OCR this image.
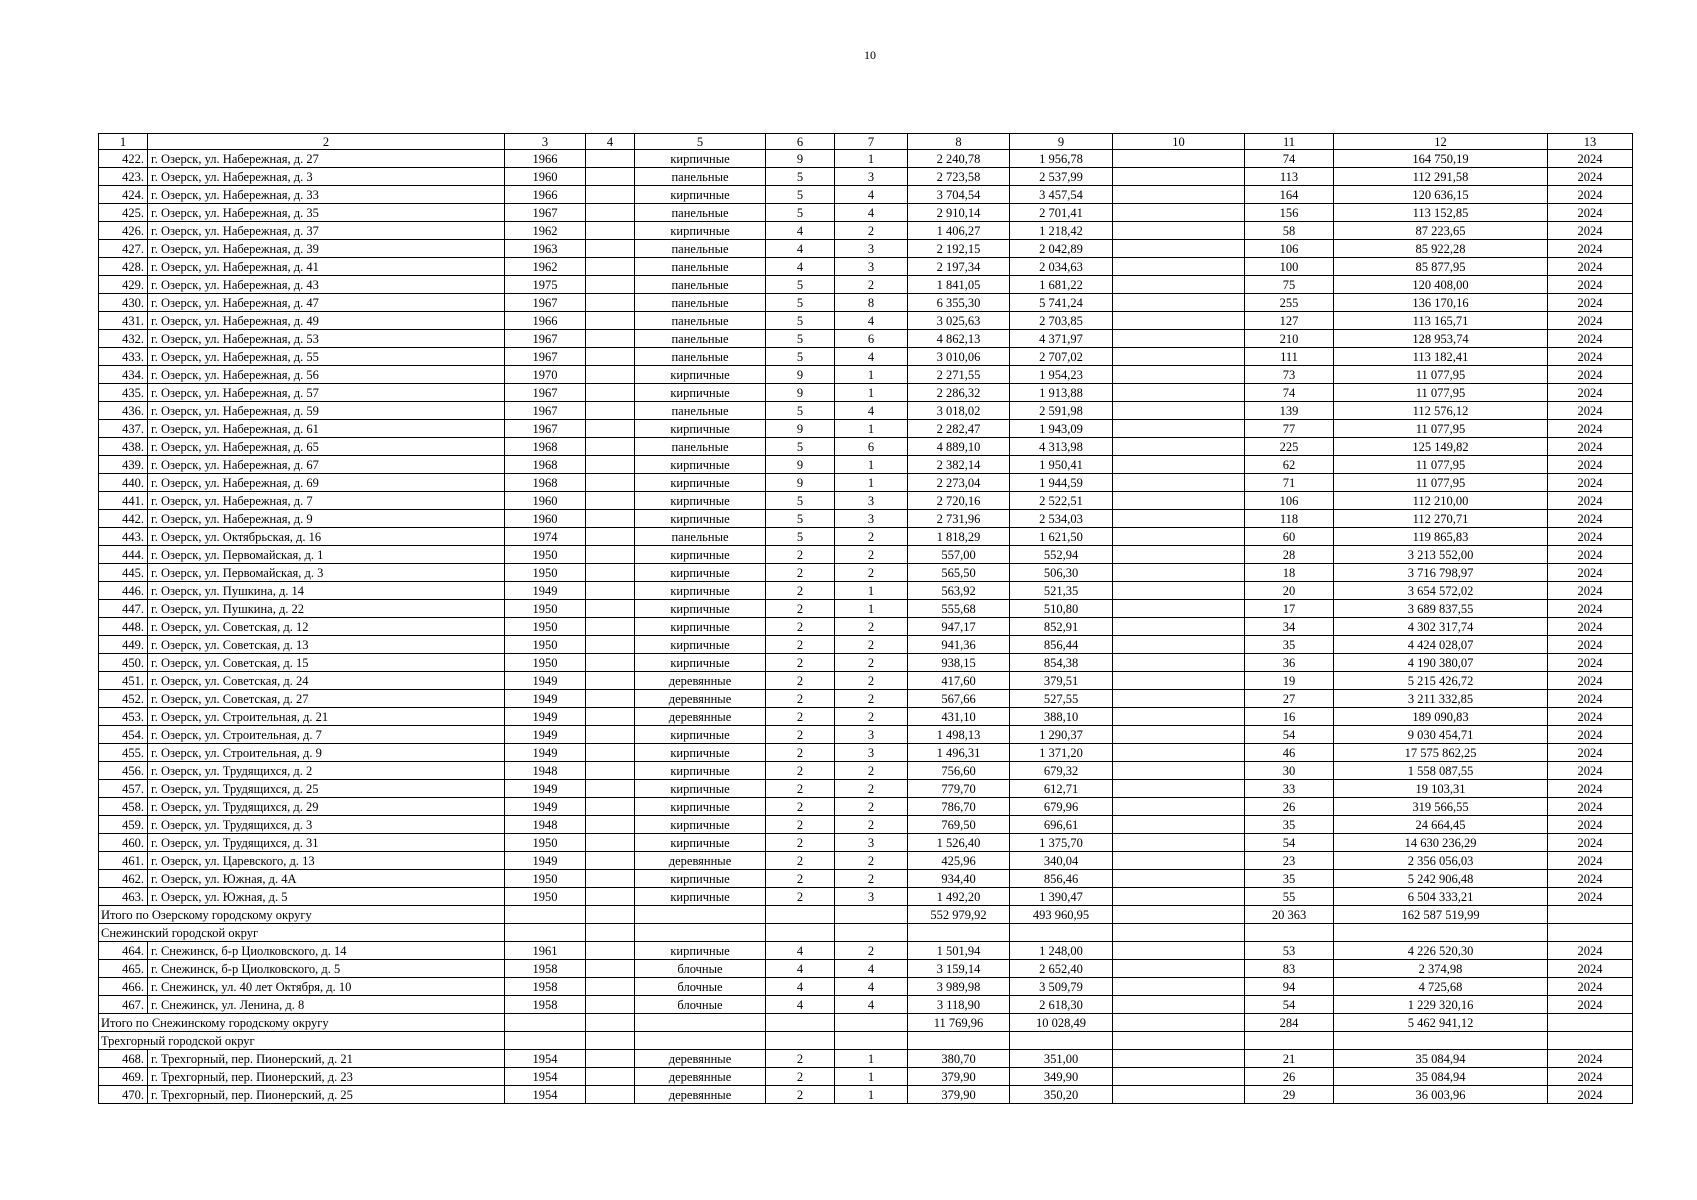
10
1	2	3	4	5	6	7	8	9	10	11	12	13
422.	г. Озерск, ул. Набережная, д. 27	1966		кирпичные	9	1	2 240,78	1 956,78		74	164 750,19	2024
423.	г. Озерск, ул. Набережная, д. 3	1960		панельные	5	3	2 723,58	2 537,99		113	112 291,58	2024
424.	г. Озерск, ул. Набережная, д. 33	1966		кирпичные	5	4	3 704,54	3 457,54		164	120 636,15	2024
425.	г. Озерск, ул. Набережная, д. 35	1967		панельные	5	4	2 910,14	2 701,41		156	113 152,85	2024
426.	г. Озерск, ул. Набережная, д. 37	1962		кирпичные	4	2	1 406,27	1 218,42		58	87 223,65	2024
427.	г. Озерск, ул. Набережная, д. 39	1963		панельные	4	3	2 192,15	2 042,89		106	85 922,28	2024
428.	г. Озерск, ул. Набережная, д. 41	1962		панельные	4	3	2 197,34	2 034,63		100	85 877,95	2024
429.	г. Озерск, ул. Набережная, д. 43	1975		панельные	5	2	1 841,05	1 681,22		75	120 408,00	2024
430.	г. Озерск, ул. Набережная, д. 47	1967		панельные	5	8	6 355,30	5 741,24		255	136 170,16	2024
431.	г. Озерск, ул. Набережная, д. 49	1966		панельные	5	4	3 025,63	2 703,85		127	113 165,71	2024
432.	г. Озерск, ул. Набережная, д. 53	1967		панельные	5	6	4 862,13	4 371,97		210	128 953,74	2024
433.	г. Озерск, ул. Набережная, д. 55	1967		панельные	5	4	3 010,06	2 707,02		111	113 182,41	2024
434.	г. Озерск, ул. Набережная, д. 56	1970		кирпичные	9	1	2 271,55	1 954,23		73	11 077,95	2024
435.	г. Озерск, ул. Набережная, д. 57	1967		кирпичные	9	1	2 286,32	1 913,88		74	11 077,95	2024
436.	г. Озерск, ул. Набережная, д. 59	1967		панельные	5	4	3 018,02	2 591,98		139	112 576,12	2024
437.	г. Озерск, ул. Набережная, д. 61	1967		кирпичные	9	1	2 282,47	1 943,09		77	11 077,95	2024
438.	г. Озерск, ул. Набережная, д. 65	1968		панельные	5	6	4 889,10	4 313,98		225	125 149,82	2024
439.	г. Озерск, ул. Набережная, д. 67	1968		кирпичные	9	1	2 382,14	1 950,41		62	11 077,95	2024
440.	г. Озерск, ул. Набережная, д. 69	1968		кирпичные	9	1	2 273,04	1 944,59		71	11 077,95	2024
441.	г. Озерск, ул. Набережная, д. 7	1960		кирпичные	5	3	2 720,16	2 522,51		106	112 210,00	2024
442.	г. Озерск, ул. Набережная, д. 9	1960		кирпичные	5	3	2 731,96	2 534,03		118	112 270,71	2024
443.	г. Озерск, ул. Октябрьская, д. 16	1974		панельные	5	2	1 818,29	1 621,50		60	119 865,83	2024
444.	г. Озерск, ул. Первомайская, д. 1	1950		кирпичные	2	2	557,00	552,94		28	3 213 552,00	2024
445.	г. Озерск, ул. Первомайская, д. 3	1950		кирпичные	2	2	565,50	506,30		18	3 716 798,97	2024
446.	г. Озерск, ул. Пушкина, д. 14	1949		кирпичные	2	1	563,92	521,35		20	3 654 572,02	2024
447.	г. Озерск, ул. Пушкина, д. 22	1950		кирпичные	2	1	555,68	510,80		17	3 689 837,55	2024
448.	г. Озерск, ул. Советская, д. 12	1950		кирпичные	2	2	947,17	852,91		34	4 302 317,74	2024
449.	г. Озерск, ул. Советская, д. 13	1950		кирпичные	2	2	941,36	856,44		35	4 424 028,07	2024
450.	г. Озерск, ул. Советская, д. 15	1950		кирпичные	2	2	938,15	854,38		36	4 190 380,07	2024
451.	г. Озерск, ул. Советская, д. 24	1949		деревянные	2	2	417,60	379,51		19	5 215 426,72	2024
452.	г. Озерск, ул. Советская, д. 27	1949		деревянные	2	2	567,66	527,55		27	3 211 332,85	2024
453.	г. Озерск, ул. Строительная, д. 21	1949		деревянные	2	2	431,10	388,10		16	189 090,83	2024
454.	г. Озерск, ул. Строительная, д. 7	1949		кирпичные	2	3	1 498,13	1 290,37		54	9 030 454,71	2024
455.	г. Озерск, ул. Строительная, д. 9	1949		кирпичные	2	3	1 496,31	1 371,20		46	17 575 862,25	2024
456.	г. Озерск, ул. Трудящихся, д. 2	1948		кирпичные	2	2	756,60	679,32		30	1 558 087,55	2024
457.	г. Озерск, ул. Трудящихся, д. 25	1949		кирпичные	2	2	779,70	612,71		33	19 103,31	2024
458.	г. Озерск, ул. Трудящихся, д. 29	1949		кирпичные	2	2	786,70	679,96		26	319 566,55	2024
459.	г. Озерск, ул. Трудящихся, д. 3	1948		кирпичные	2	2	769,50	696,61		35	24 664,45	2024
460.	г. Озерск, ул. Трудящихся, д. 31	1950		кирпичные	2	3	1 526,40	1 375,70		54	14 630 236,29	2024
461.	г. Озерск, ул. Царевского, д. 13	1949		деревянные	2	2	425,96	340,04		23	2 356 056,03	2024
462.	г. Озерск, ул. Южная, д. 4А	1950		кирпичные	2	2	934,40	856,46		35	5 242 906,48	2024
463.	г. Озерск, ул. Южная, д. 5	1950		кирпичные	2	3	1 492,20	1 390,47		55	6 504 333,21	2024
Итого по Озерскому городскому округу							552 979,92	493 960,95		20 363	162 587 519,99	
Снежинский городской округ												
464.	г. Снежинск, б-р Циолковского, д. 14	1961		кирпичные	4	2	1 501,94	1 248,00		53	4 226 520,30	2024
465.	г. Снежинск, б-р Циолковского, д. 5	1958		блочные	4	4	3 159,14	2 652,40		83	2 374,98	2024
466.	г. Снежинск, ул. 40 лет Октября, д. 10	1958		блочные	4	4	3 989,98	3 509,79		94	4 725,68	2024
467.	г. Снежинск, ул. Ленина, д. 8	1958		блочные	4	4	3 118,90	2 618,30		54	1 229 320,16	2024
Итого по Снежинскому городскому округу							11 769,96	10 028,49		284	5 462 941,12	
Трехгорный городской округ												
468.	г. Трехгорный, пер. Пионерский, д. 21	1954		деревянные	2	1	380,70	351,00		21	35 084,94	2024
469.	г. Трехгорный, пер. Пионерский, д. 23	1954		деревянные	2	1	379,90	349,90		26	35 084,94	2024
470.	г. Трехгорный, пер. Пионерский, д. 25	1954		деревянные	2	1	379,90	350,20		29	36 003,96	2024
